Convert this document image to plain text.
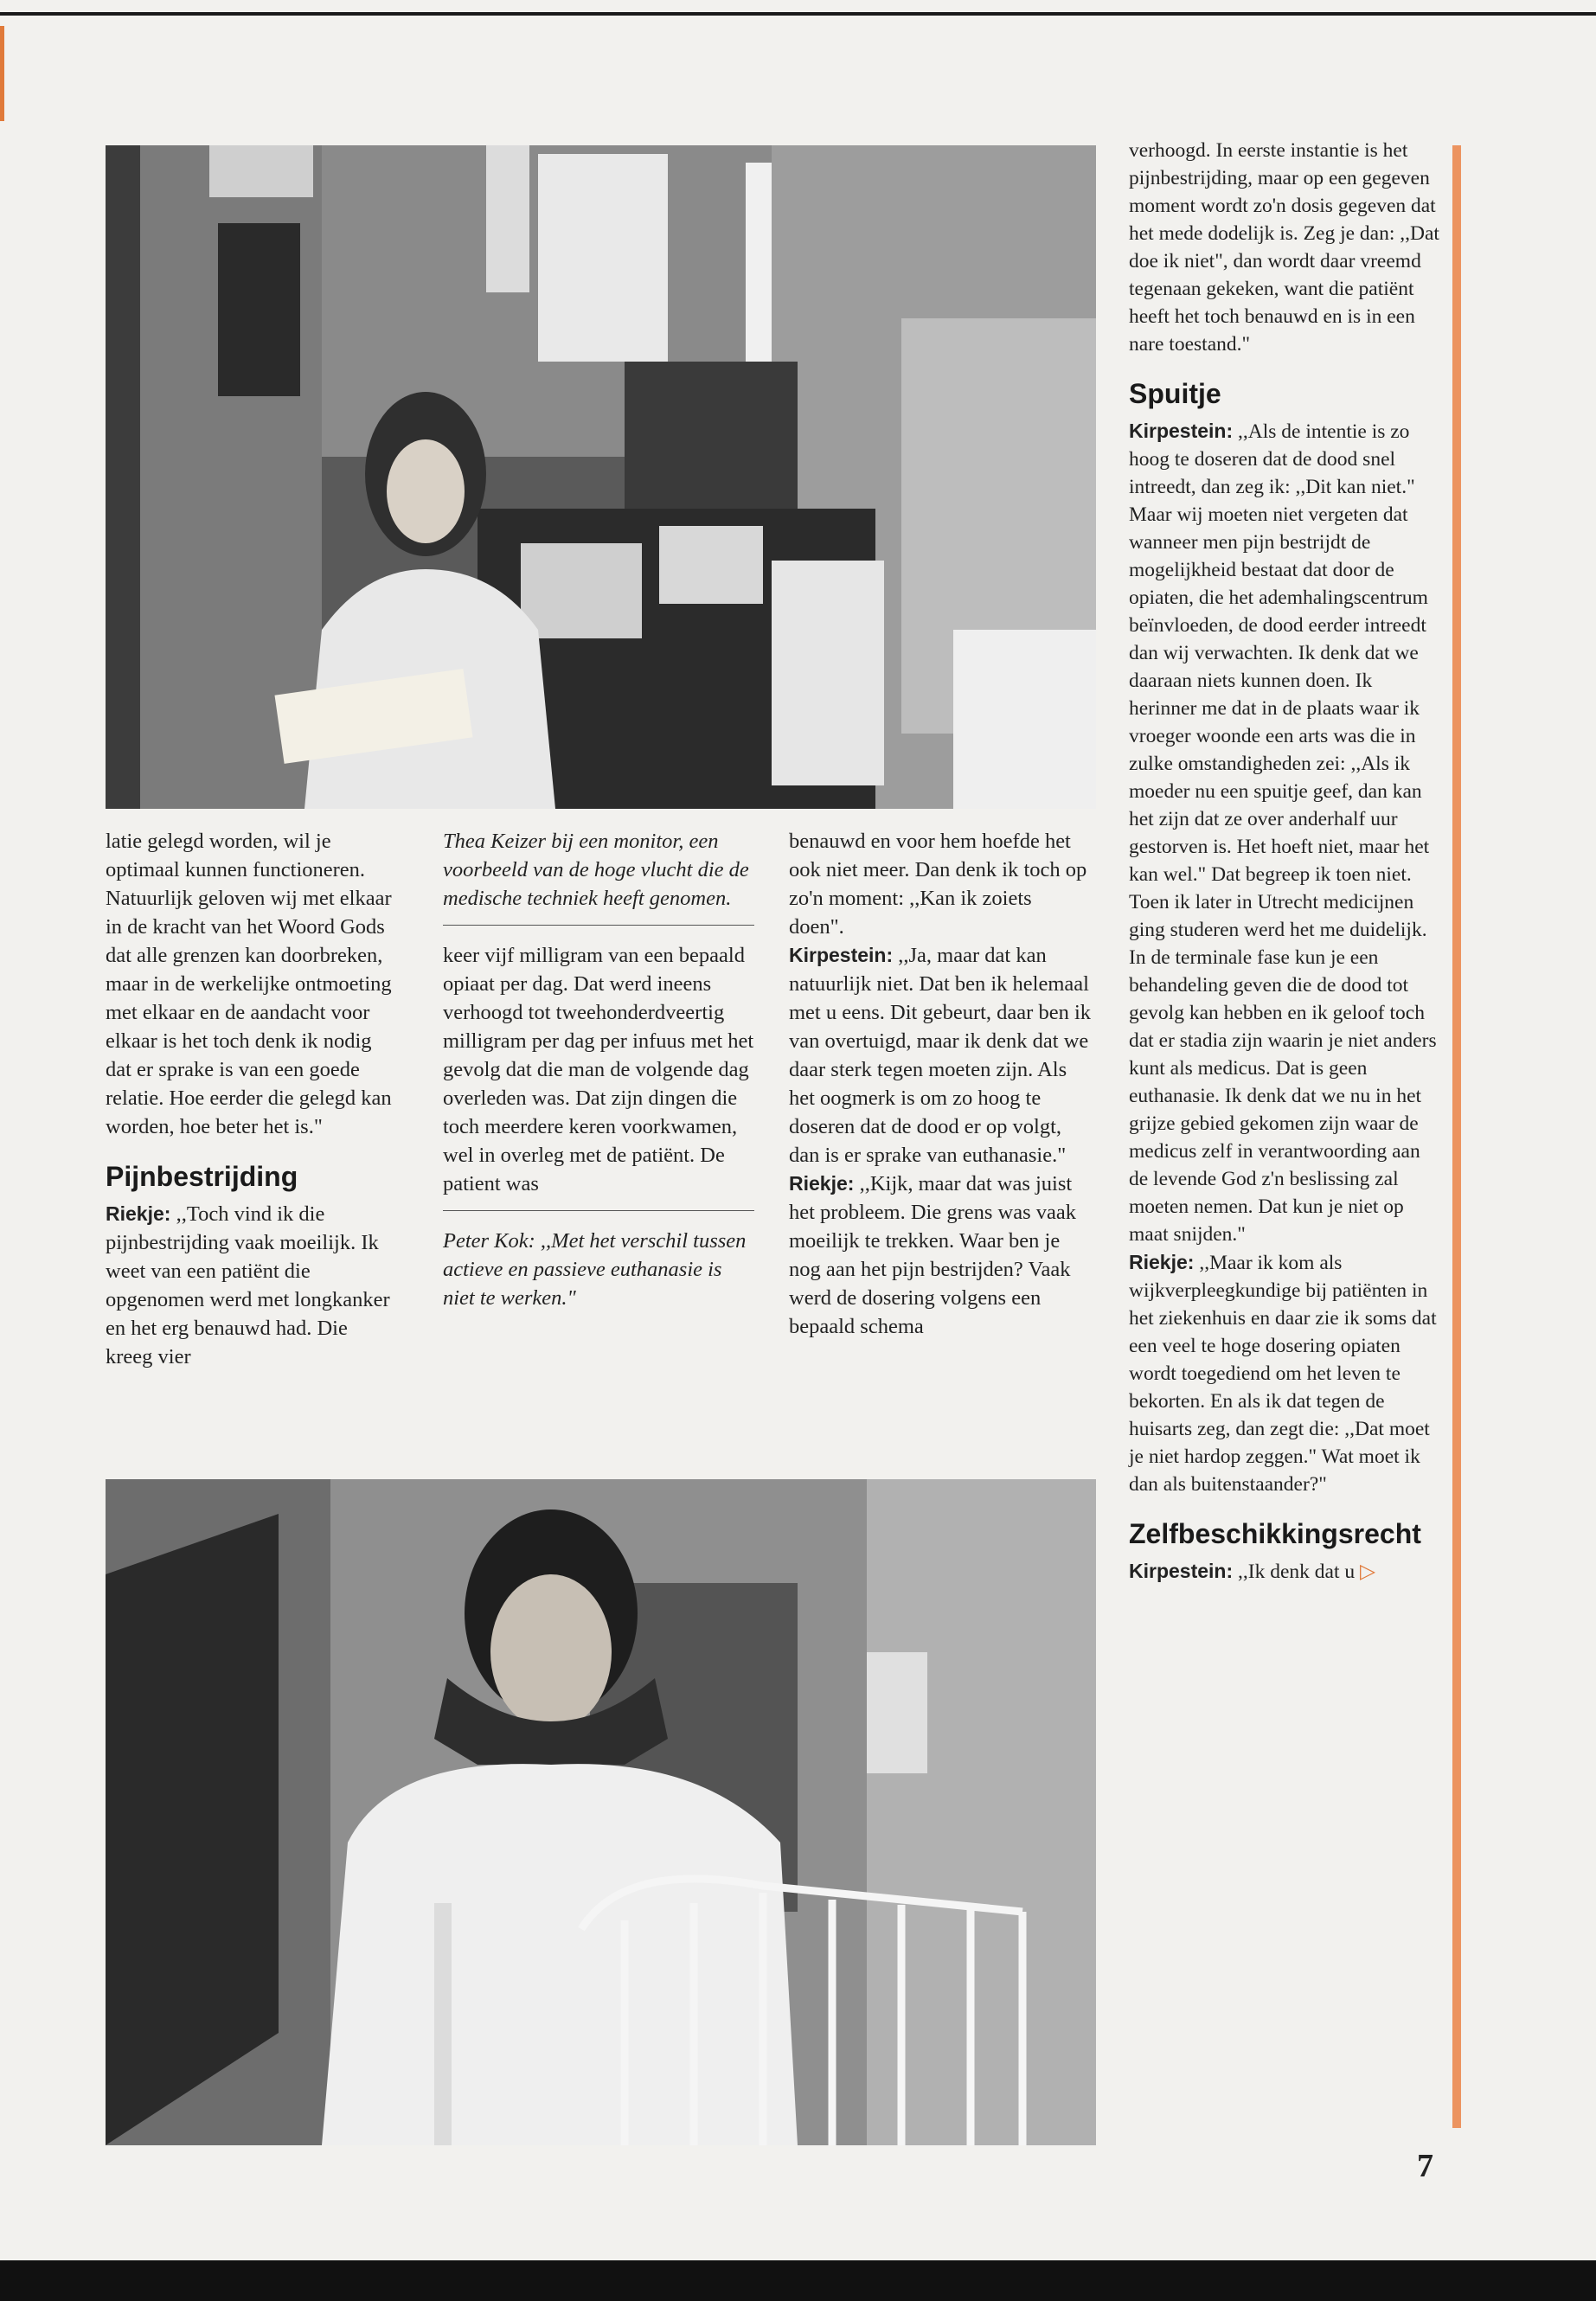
latie gelegd worden, wil je optimaal kunnen functioneren. Natuurlijk geloven wij met elkaar in de kracht van het Woord Gods dat alle grenzen kan doorbreken, maar in de werkelijke ontmoeting met elkaar en de aandacht voor elkaar is het toch denk ik nodig dat er sprake is van een goede relatie. Hoe eerder die gelegd kan worden, hoe beter het is."

Pijnbestrijding

Riekje: ,,Toch vind ik die pijnbestrijding vaak moeilijk. Ik weet van een patiënt die opgenomen werd met longkanker en het erg benauwd had. Die kreeg vier

Thea Keizer bij een monitor, een voorbeeld van de hoge vlucht die de medische techniek heeft genomen.

keer vijf milligram van een bepaald opiaat per dag. Dat werd ineens verhoogd tot tweehonderdveertig milligram per dag per infuus met het gevolg dat die man de volgende dag overleden was. Dat zijn dingen die toch meerdere keren voorkwamen, wel in overleg met de patiënt. De patient was

Peter Kok: ,,Met het verschil tussen actieve en passieve euthanasie is niet te werken."

benauwd en voor hem hoefde het ook niet meer. Dan denk ik toch op zo'n moment: ,,Kan ik zoiets doen".

Kirpestein: ,,Ja, maar dat kan natuurlijk niet. Dat ben ik helemaal met u eens. Dit gebeurt, daar ben ik van overtuigd, maar ik denk dat we daar sterk tegen moeten zijn. Als het oogmerk is om zo hoog te doseren dat de dood er op volgt, dan is er sprake van euthanasie."

Riekje: ,,Kijk, maar dat was juist het probleem. Die grens was vaak moeilijk te trekken. Waar ben je nog aan het pijn bestrijden? Vaak werd de dosering volgens een bepaald schema

verhoogd. In eerste instantie is het pijnbestrijding, maar op een gegeven moment wordt zo'n dosis gegeven dat het mede dodelijk is. Zeg je dan: ,,Dat doe ik niet", dan wordt daar vreemd tegenaan gekeken, want die patiënt heeft het toch benauwd en is in een nare toestand."

Spuitje

Kirpestein: ,,Als de intentie is zo hoog te doseren dat de dood snel intreedt, dan zeg ik: ,,Dit kan niet." Maar wij moeten niet vergeten dat wanneer men pijn bestrijdt de mogelijkheid bestaat dat door de opiaten, die het ademhalingscentrum beïnvloeden, de dood eerder intreedt dan wij verwachten. Ik denk dat we daaraan niets kunnen doen. Ik herinner me dat in de plaats waar ik vroeger woonde een arts was die in zulke omstandigheden zei: ,,Als ik moeder nu een spuitje geef, dan kan het zijn dat ze over anderhalf uur gestorven is. Het hoeft niet, maar het kan wel." Dat begreep ik toen niet.

Toen ik later in Utrecht medicijnen ging studeren werd het me duidelijk. In de terminale fase kun je een behandeling geven die de dood tot gevolg kan hebben en ik geloof toch dat er stadia zijn waarin je niet anders kunt als medicus. Dat is geen euthanasie. Ik denk dat we nu in het grijze gebied gekomen zijn waar de medicus zelf in verantwoording aan de levende God z'n beslissing zal moeten nemen. Dat kun je niet op maat snijden."

Riekje: ,,Maar ik kom als wijkverpleegkundige bij patiënten in het ziekenhuis en daar zie ik soms dat een veel te hoge dosering opiaten wordt toegediend om het leven te bekorten. En als ik dat tegen de huisarts zeg, dan zegt die: ,,Dat moet je niet hardop zeggen." Wat moet ik dan als buitenstaander?"

Zelfbeschikkingsrecht

Kirpestein: ,,Ik denk dat u ▷

7
